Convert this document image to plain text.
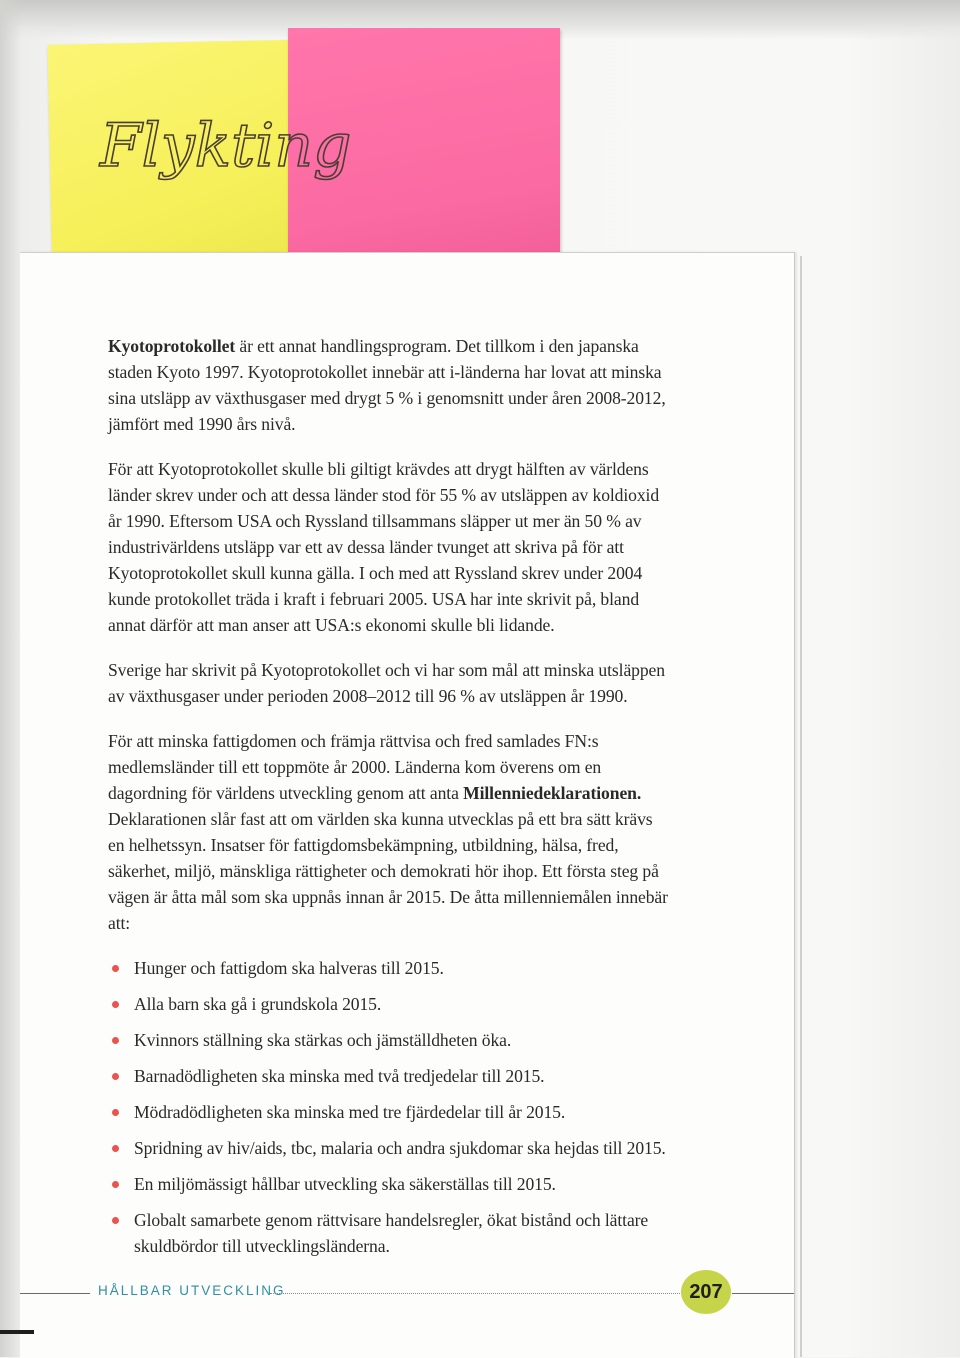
Flykting

Kyotoprotokollet är ett annat handlingsprogram. Det tillkom i den japanska staden Kyoto 1997. Kyotoprotokollet innebär att i-länderna har lovat att minska sina utsläpp av växthusgaser med drygt 5 % i genomsnitt under åren 2008-2012, jämfört med 1990 års nivå.

För att Kyotoprotokollet skulle bli giltigt krävdes att drygt hälften av världens länder skrev under och att dessa länder stod för 55 % av utsläppen av koldioxid år 1990. Eftersom USA och Ryssland tillsammans släpper ut mer än 50 % av industrivärldens utsläpp var ett av dessa länder tvunget att skriva på för att Kyotoprotokollet skull kunna gälla. I och med att Ryssland skrev under 2004 kunde protokollet träda i kraft i februari 2005. USA har inte skrivit på, bland annat därför att man anser att USA:s ekonomi skulle bli lidande.

Sverige har skrivit på Kyotoprotokollet och vi har som mål att minska utsläppen av växthusgaser under perioden 2008–2012 till 96 % av utsläppen år 1990.

För att minska fattigdomen och främja rättvisa och fred samlades FN:s medlemsländer till ett toppmöte år 2000. Länderna kom överens om en dagordning för världens utveckling genom att anta Millenniedeklarationen. Deklarationen slår fast att om världen ska kunna utvecklas på ett bra sätt krävs en helhetssyn. Insatser för fattigdomsbekämpning, utbildning, hälsa, fred, säkerhet, miljö, mänskliga rättigheter och demokrati hör ihop. Ett första steg på vägen är åtta mål som ska uppnås innan år 2015. De åtta millenniemålen innebär att:

Hunger och fattigdom ska halveras till 2015.
Alla barn ska gå i grundskola 2015.
Kvinnors ställning ska stärkas och jämställdheten öka.
Barnadödligheten ska minska med två tredjedelar till 2015.
Mödradödligheten ska minska med tre fjärdedelar till år 2015.
Spridning av hiv/aids, tbc, malaria och andra sjukdomar ska hejdas till 2015.
En miljömässigt hållbar utveckling ska säkerställas till 2015.
Globalt samarbete genom rättvisare handelsregler, ökat bistånd och lättare skuldbördor till utvecklingsländerna.
HÅLLBAR UTVECKLING	207
